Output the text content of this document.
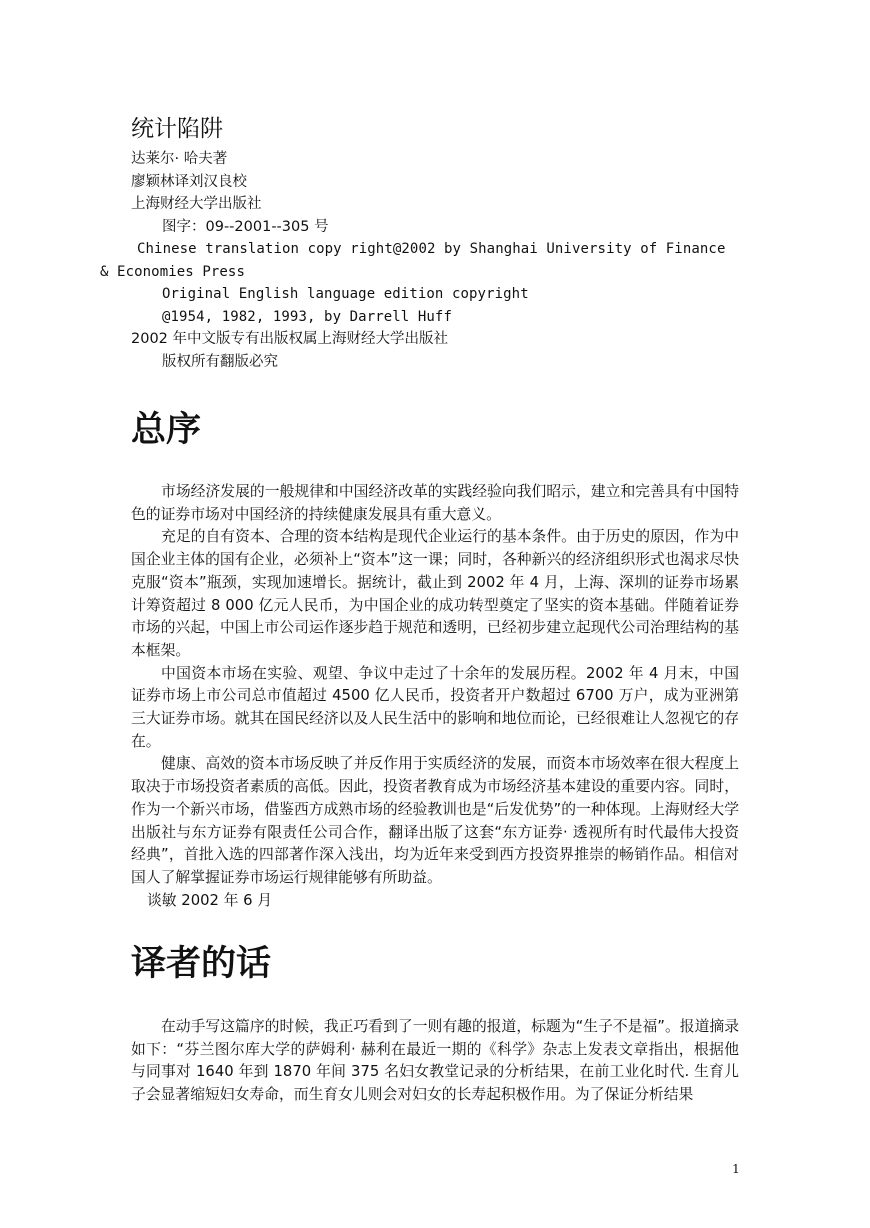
统计陷阱
达莱尔· 哈夫著
廖颖林译刘汉良校
上海财经大学出版社
图字：09--2001--305 号
Chinese translation copy right@2002 by Shanghai University of Finance & Economies Press
Original English language edition copyright
@1954, 1982, 1993, by Darrell Huff
2002 年中文版专有出版权属上海财经大学出版社
版权所有翻版必究
总序

市场经济发展的一般规律和中国经济改革的实践经验向我们昭示，建立和完善具有中国特色的证券市场对中国经济的持续健康发展具有重大意义。

充足的自有资本、合理的资本结构是现代企业运行的基本条件。由于历史的原因，作为中国企业主体的国有企业，必须补上“资本”这一课；同时，各种新兴的经济组织形式也渴求尽快克服“资本”瓶颈，实现加速增长。据统计，截止到 2002 年 4 月，上海、深圳的证券市场累计筹资超过 8 000 亿元人民币，为中国企业的成功转型奠定了坚实的资本基础。伴随着证券市场的兴起，中国上市公司运作逐步趋于规范和透明，已经初步建立起现代公司治理结构的基本框架。

中国资本市场在实验、观望、争议中走过了十余年的发展历程。2002 年 4 月末，中国证券市场上市公司总市值超过 4500 亿人民币，投资者开户数超过 6700 万户，成为亚洲第三大证券市场。就其在国民经济以及人民生活中的影响和地位而论，已经很难让人忽视它的存在。

健康、高效的资本市场反映了并反作用于实质经济的发展，而资本市场效率在很大程度上取决于市场投资者素质的高低。因此，投资者教育成为市场经济基本建设的重要内容。同时，作为一个新兴市场，借鉴西方成熟市场的经验教训也是“后发优势”的一种体现。上海财经大学出版社与东方证券有限责任公司合作，翻译出版了这套“东方证券· 透视所有时代最伟大投资经典”，首批入选的四部著作深入浅出，均为近年来受到西方投资界推崇的畅销作品。相信对国人了解掌握证券市场运行规律能够有所助益。

谈敏 2002 年 6 月

译者的话

在动手写这篇序的时候，我正巧看到了一则有趣的报道，标题为“生子不是福”。报道摘录如下：“芬兰图尔库大学的萨姆利· 赫利在最近一期的《科学》杂志上发表文章指出，根据他与同事对 1640 年到 1870 年间 375 名妇女教堂记录的分析结果，在前工业化时代. 生育儿子会显著缩短妇女寿命，而生育女儿则会对妇女的长寿起积极作用。为了保证分析结果

1
